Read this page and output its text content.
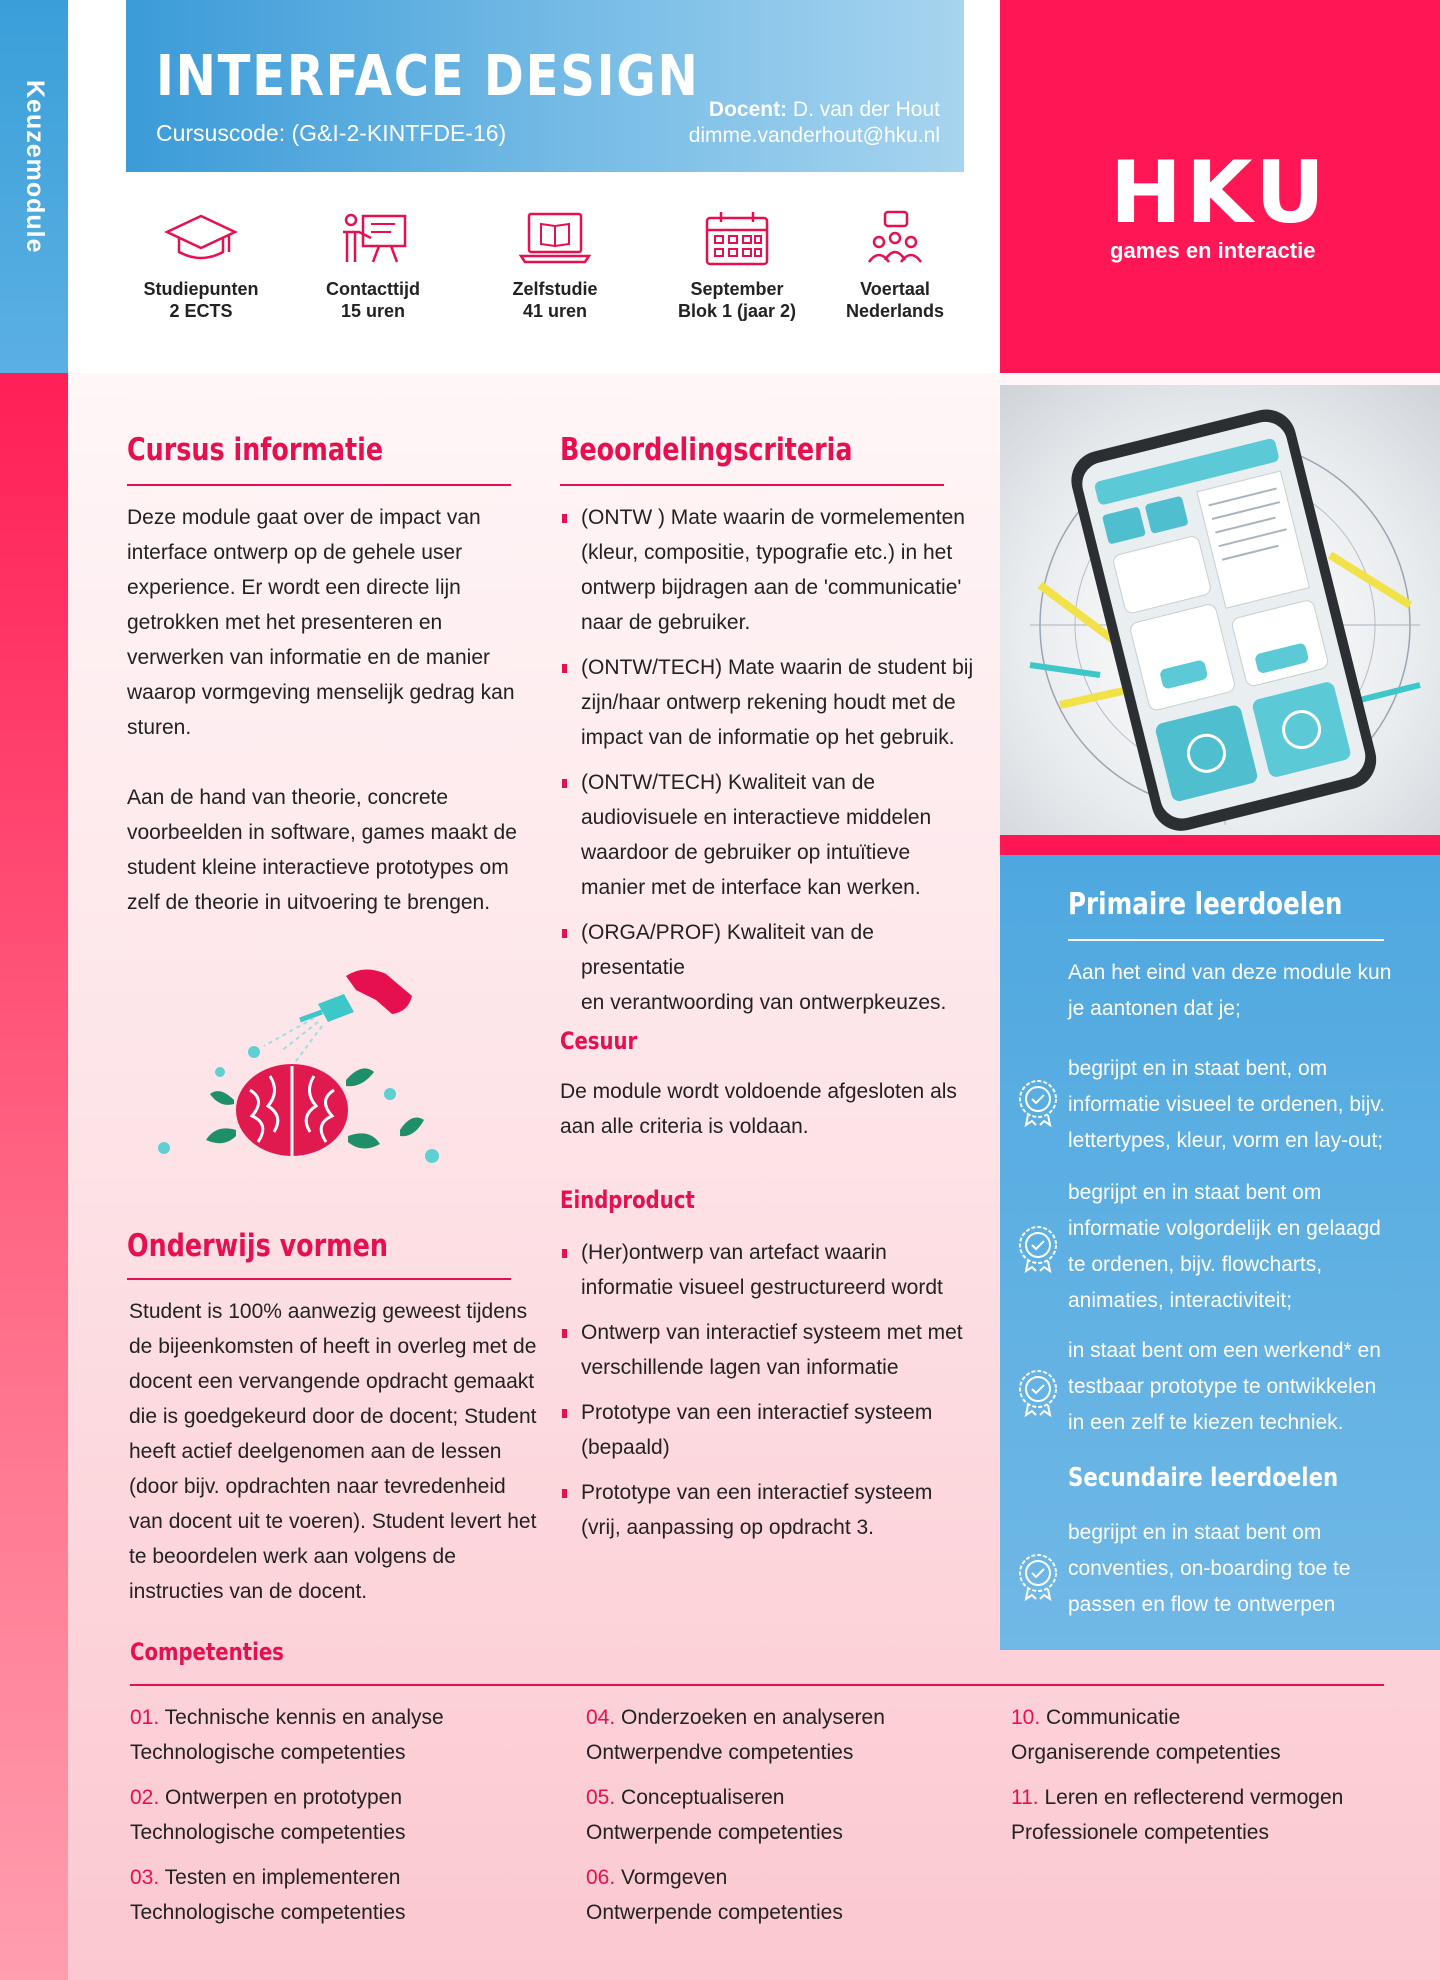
Keuzemodule
INTERFACE DESIGN
Cursuscode: (G&I-2-KINTFDE-16)
Docent: D. van der Hout
dimme.vanderhout@hku.nl
HKU
games en interactie
Studiepunten
2 ECTS
Contacttijd
15 uren
Zelfstudie
41 uren
September
Blok 1 (jaar 2)
Voertaal
Nederlands
Cursus informatie
Deze module gaat over de impact van
interface ontwerp op de gehele user
experience. Er wordt een directe lijn
getrokken met het presenteren en
verwerken van informatie en de manier
waarop vormgeving menselijk gedrag kan
sturen.
Aan de hand van theorie, concrete
voorbeelden in software, games maakt de
student kleine interactieve prototypes om
zelf de theorie in uitvoering te brengen.
Onderwijs vormen
Student is 100% aanwezig geweest tijdens
de bijeenkomsten of heeft in overleg met de
docent een vervangende opdracht gemaakt
die is goedgekeurd door de docent; Student
heeft actief deelgenomen aan de lessen
(door bijv. opdrachten naar tevredenheid
van docent uit te voeren). Student levert het
te beoordelen werk aan volgens de
instructies van de docent.
Beoordelingscriteria
(ONTW ) Mate waarin de vormelementen
(kleur, compositie, typografie etc.) in het
ontwerp bijdragen aan de 'communicatie'
naar de gebruiker.
(ONTW/TECH) Mate waarin de student bij
zijn/haar ontwerp rekening houdt met de
impact van de informatie op het gebruik.
(ONTW/TECH) Kwaliteit van de
audiovisuele en interactieve middelen
waardoor de gebruiker op intuïtieve
manier met de interface kan werken.
(ORGA/PROF) Kwaliteit van de presentatie
en verantwoording van ontwerpkeuzes.
Cesuur
De module wordt voldoende afgesloten als
aan alle criteria is voldaan.
Eindproduct
(Her)ontwerp van artefact waarin
informatie visueel gestructureerd wordt
Ontwerp van interactief systeem met met
verschillende lagen van informatie
Prototype van een interactief systeem
(bepaald)
Prototype van een interactief systeem
(vrij, aanpassing op opdracht 3.
Primaire leerdoelen
Aan het eind van deze module kun
je aantonen dat je;
begrijpt en in staat bent, om
informatie visueel te ordenen, bijv.
lettertypes, kleur, vorm en lay-out;
begrijpt en in staat bent om
informatie volgordelijk en gelaagd
te ordenen, bijv. flowcharts,
animaties, interactiviteit;
in staat bent om een werkend* en
testbaar prototype te ontwikkelen
in een zelf te kiezen techniek.
Secundaire leerdoelen
begrijpt en in staat bent om
conventies, on-boarding toe te
passen en flow te ontwerpen
Competenties
01. Technische kennis en analyse
Technologische competenties
02. Ontwerpen en prototypen
Technologische competenties
03. Testen en implementeren
Technologische competenties
04. Onderzoeken en analyseren
Ontwerpendve competenties
05. Conceptualiseren
Ontwerpende competenties
06. Vormgeven
Ontwerpende competenties
10. Communicatie
Organiserende competenties
11. Leren en reflecterend vermogen
Professionele competenties
